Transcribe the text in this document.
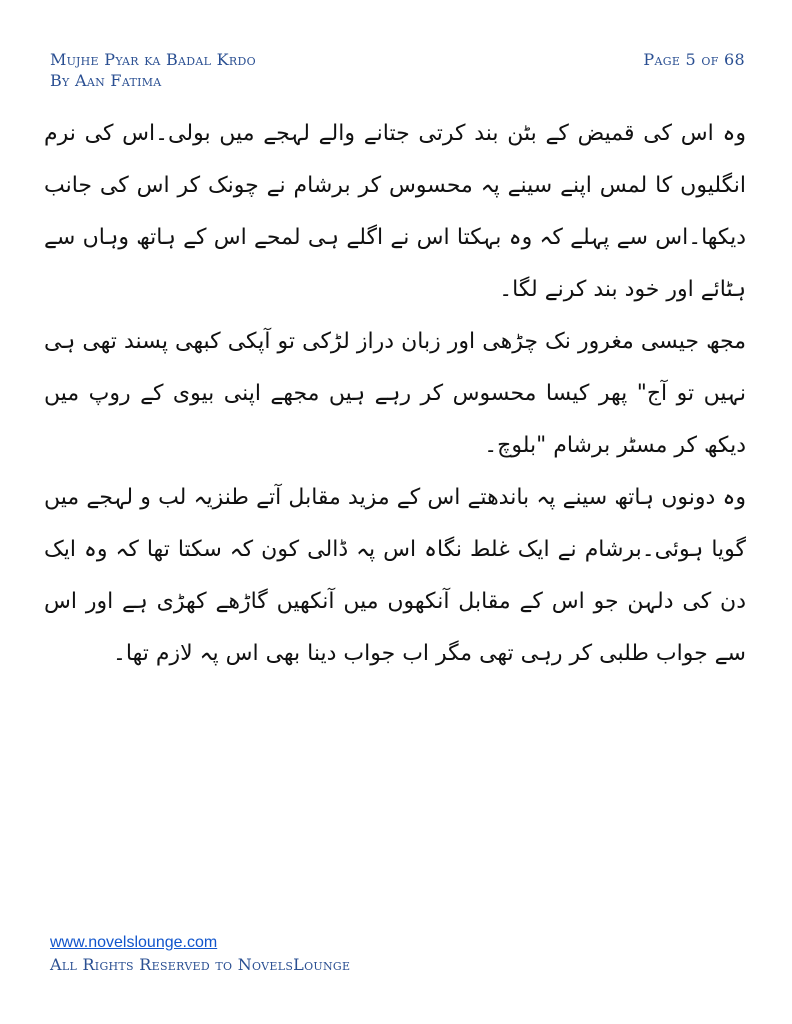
Mujhe Pyar ka Badal Krdo
By Aan Fatima
Page 5 of 68

وہ اس کی قمیض کے بٹن بند کرتی جتانے والے لہجے میں بولی۔اس کی نرم انگلیوں کا لمس اپنے سینے پہ محسوس کر برشام نے چونک کر اس کی جانب دیکھا۔اس سے پہلے کہ وہ بہکتا اس نے اگلے ہی لمحے اس کے ہاتھ وہاں سے ہٹائے اور خود بند کرنے لگا۔

مجھ جیسی مغرور نک چڑھی اور زبان دراز لڑکی تو آپکی کبھی پسند تھی ہی نہیں تو آج" پھر کیسا محسوس کر رہے ہیں مجھے اپنی بیوی کے روپ میں دیکھ کر مسٹر برشام "بلوچ۔

وہ دونوں ہاتھ سینے پہ باندھتے اس کے مزید مقابل آتے طنزیہ لب و لہجے میں گویا ہوئی۔برشام نے ایک غلط نگاہ اس پہ ڈالی کون کہ سکتا تھا کہ وہ ایک دن کی دلہن جو اس کے مقابل آنکھوں میں آنکھیں گاڑھے کھڑی ہے اور اس سے جواب طلبی کر رہی تھی مگر اب جواب دینا بھی اس پہ لازم تھا۔

www.novelslounge.com
All Rights Reserved to NovelsLounge
